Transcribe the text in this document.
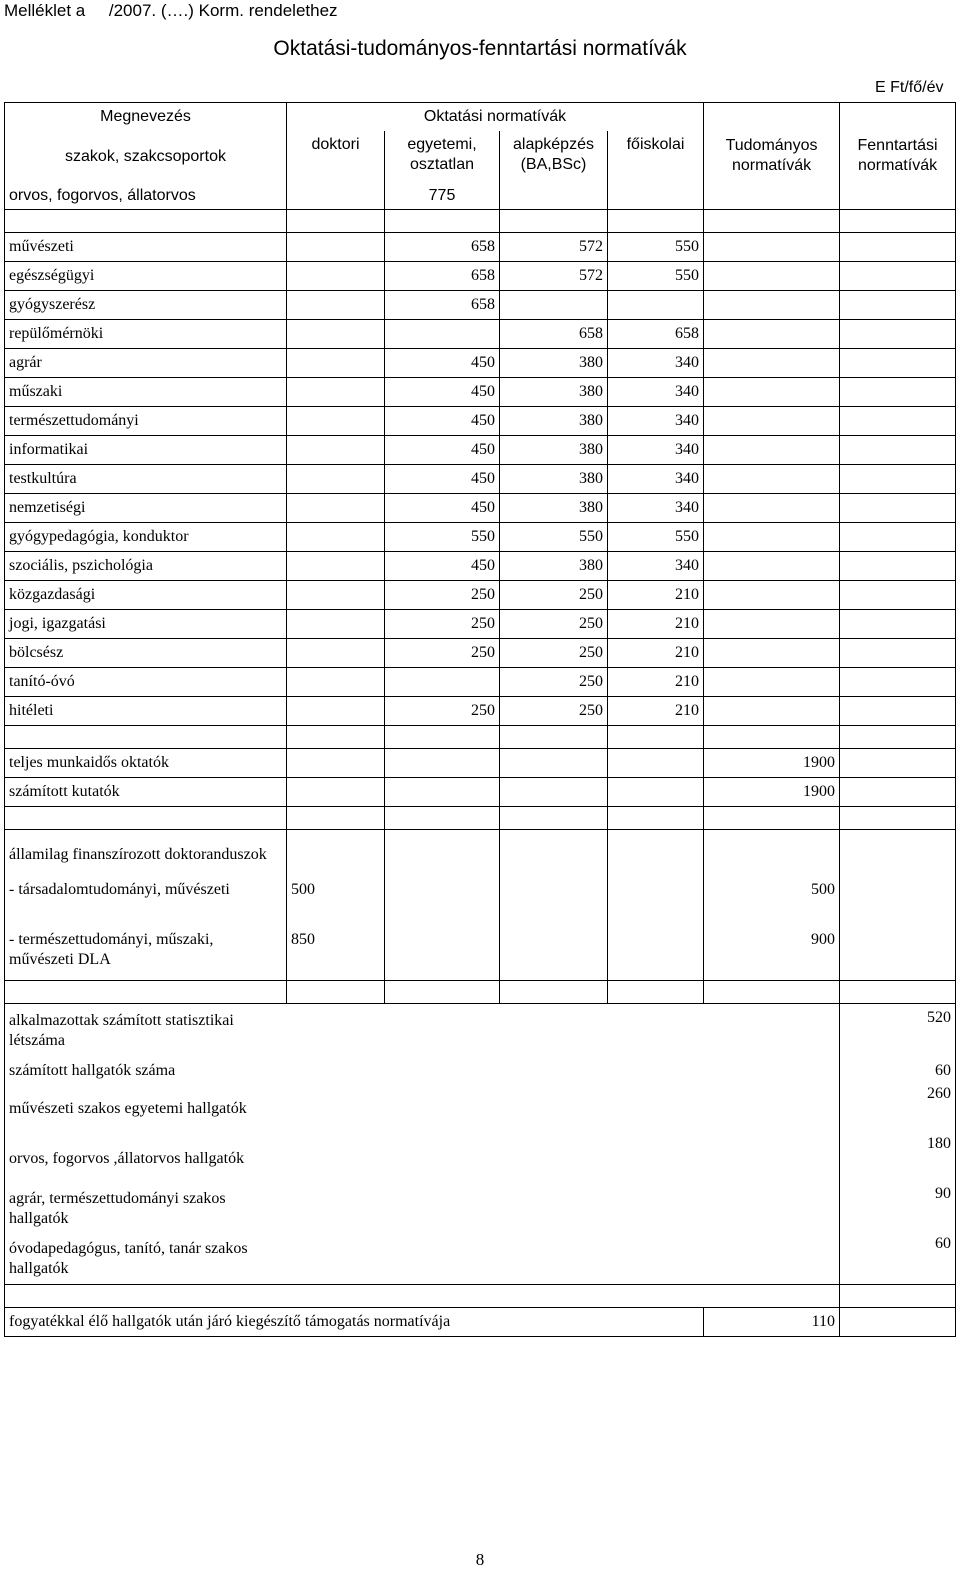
Melléklet a     /2007. (….) Korm. rendelethez
Oktatási-tudományos-fenntartási normatívák
E Ft/fő/év
Megnevezés	Oktatási normatívák				Tudományos normatívák	Fenntartási normatívák
szakok, szakcsoportok	doktori	egyetemi, osztatlan	alapképzés (BA,BSc)	főiskolai		
orvos, fogorvos, állatorvos		775				

művészeti		658	572	550		
egészségügyi		658	572	550		
gyógyszerész		658				
repülőmérnöki			658	658		
agrár		450	380	340		
műszaki		450	380	340		
természettudományi		450	380	340		
informatikai		450	380	340		
testkultúra		450	380	340		
nemzetiségi		450	380	340		
gyógypedagógia, konduktor		550	550	550		
szociális, pszichológia		450	380	340		
közgazdasági		250	250	210		
jogi, igazgatási		250	250	210		
bölcsész		250	250	210		
tanító-óvó			250	210		
hitéleti		250	250	210		

teljes munkaidős oktatók					1900	
számított kutatók					1900	

államilag finanszírozott doktoranduszok						
- társadalomtudományi, művészeti	500				500	
- természettudományi, műszaki, művészeti DLA	850				900	

alkalmazottak számított statisztikai létszáma						520
számított hallgatók száma						60

művészeti szakos egyetemi hallgatók						260

orvos, fogorvos ,állatorvos hallgatók						180

agrár, természettudományi szakos hallgatók						90

óvodapedagógus, tanító, tanár szakos hallgatók						60

fogyatékkal élő hallgatók után járó kiegészítő támogatás normatívája					110	
8
